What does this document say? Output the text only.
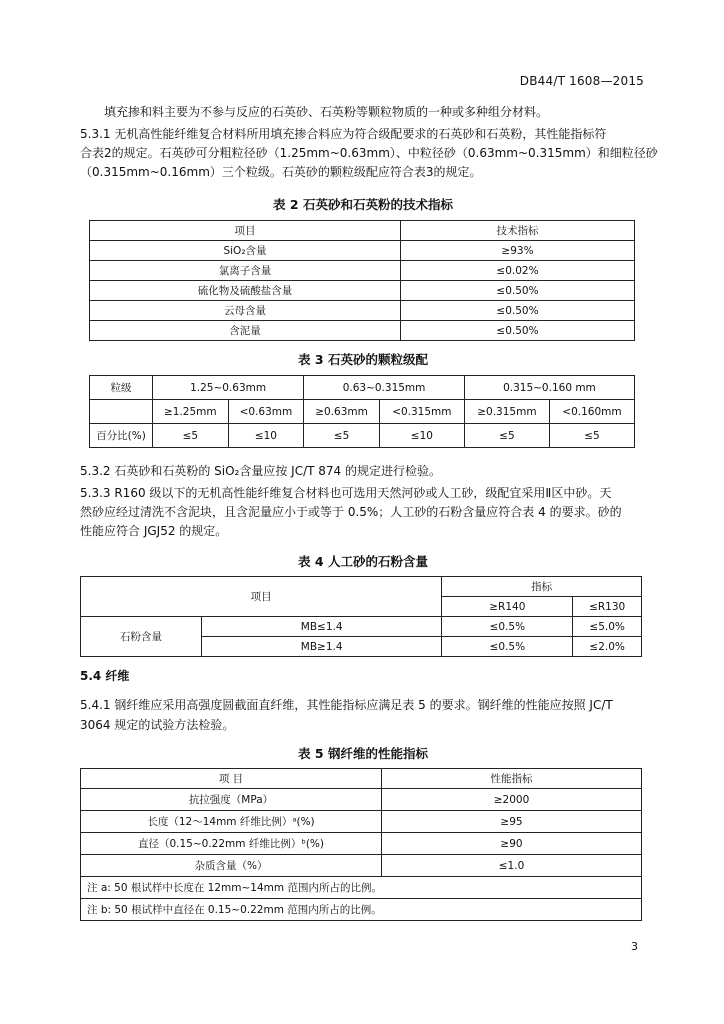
DB44/T 1608—2015
填充掺和料主要为不参与反应的石英砂、石英粉等颗粒物质的一种或多种组分材料。
5.3.1 无机高性能纤维复合材料所用填充掺合料应为符合级配要求的石英砂和石英粉，其性能指标符
合表2的规定。石英砂可分粗粒径砂（1.25mm~0.63mm）、中粒径砂（0.63mm~0.315mm）和细粒径砂
（0.315mm~0.16mm）三个粒级。石英砂的颗粒级配应符合表3的规定。
表 2 石英砂和石英粉的技术指标
项目	技术指标
SiO₂含量	≥93%
氯离子含量	≤0.02%
硫化物及硫酸盐含量	≤0.50%
云母含量	≤0.50%
含泥量	≤0.50%
表 3 石英砂的颗粒级配
粒级	1.25~0.63mm		0.63~0.315mm		0.315~0.160 mm	
	≥1.25mm	<0.63mm	≥0.63mm	<0.315mm	≥0.315mm	<0.160mm
百分比(%)	≤5	≤10	≤5	≤10	≤5	≤5
5.3.2 石英砂和石英粉的 SiO₂含量应按 JC/T 874 的规定进行检验。
5.3.3 R160 级以下的无机高性能纤维复合材料也可选用天然河砂或人工砂，级配宜采用Ⅱ区中砂。天
然砂应经过清洗不含泥块，且含泥量应小于或等于 0.5%；人工砂的石粉含量应符合表 4 的要求。砂的
性能应符合 JGJ52 的规定。
表 4 人工砂的石粉含量
项目		指标	
		≥R140	≤R130
石粉含量	MB≤1.4	≤0.5%	≤5.0%
	MB≥1.4	≤0.5%	≤2.0%
5.4 纤维
5.4.1 钢纤维应采用高强度圆截面直纤维，其性能指标应满足表 5 的要求。钢纤维的性能应按照 JC/T
3064 规定的试验方法检验。
表 5 钢纤维的性能指标
项 目	性能指标
抗拉强度（MPa）	≥2000
长度（12～14mm 纤维比例）ᵃ(%)	≥95
直径（0.15~0.22mm 纤维比例）ᵇ(%)	≥90
杂质含量（%）	≤1.0
注 a: 50 根试样中长度在 12mm~14mm 范围内所占的比例。	
注 b: 50 根试样中直径在 0.15~0.22mm 范围内所占的比例。	
3
